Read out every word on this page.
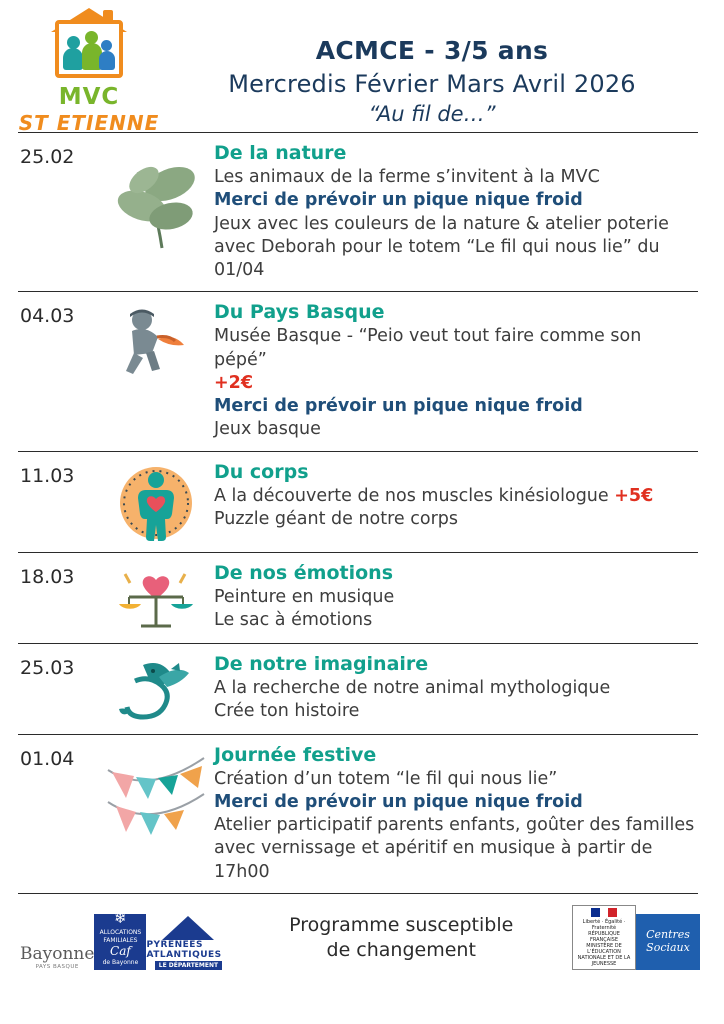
MVC
ST ETIENNE
ACMCE - 3/5 ans
Mercredis Février Mars Avril 2026
“Au fil de…”
25.02	De la nature
Les animaux de la ferme s’invitent à la MVC
Merci de prévoir un pique nique froid
Jeux avec les couleurs de la nature & atelier poterie avec Deborah pour le totem “Le fil qui nous lie” du 01/04
04.03	Du Pays Basque
Musée Basque - “Peio veut tout faire comme son pépé”
+2€
Merci de prévoir un pique nique froid
Jeux basque
11.03	Du corps
A la découverte de nos muscles kinésiologue +5€
Puzzle géant de notre corps
18.03	De nos émotions
Peinture en musique
Le sac à émotions
25.03	De notre imaginaire
A la recherche de notre animal mythologique
Crée ton histoire
01.04	Journée festive
Création d’un totem “le fil qui nous lie”
Merci de prévoir un pique nique froid
Atelier participatif parents enfants, goûter des familles avec vernissage et apéritif en musique à partir de 17h00
Bayonne
PAYS BASQUE
❄
ALLOCATIONS FAMILIALES
Caf
de Bayonne
PYRENEES ATLANTIQUES
LE DÉPARTEMENT
Programme susceptible
de changement
Liberté · Égalité · Fraternité
RÉPUBLIQUE FRANÇAISE
MINISTÈRE DE L’ÉDUCATION NATIONALE ET DE LA JEUNESSE
Centres Sociaux
